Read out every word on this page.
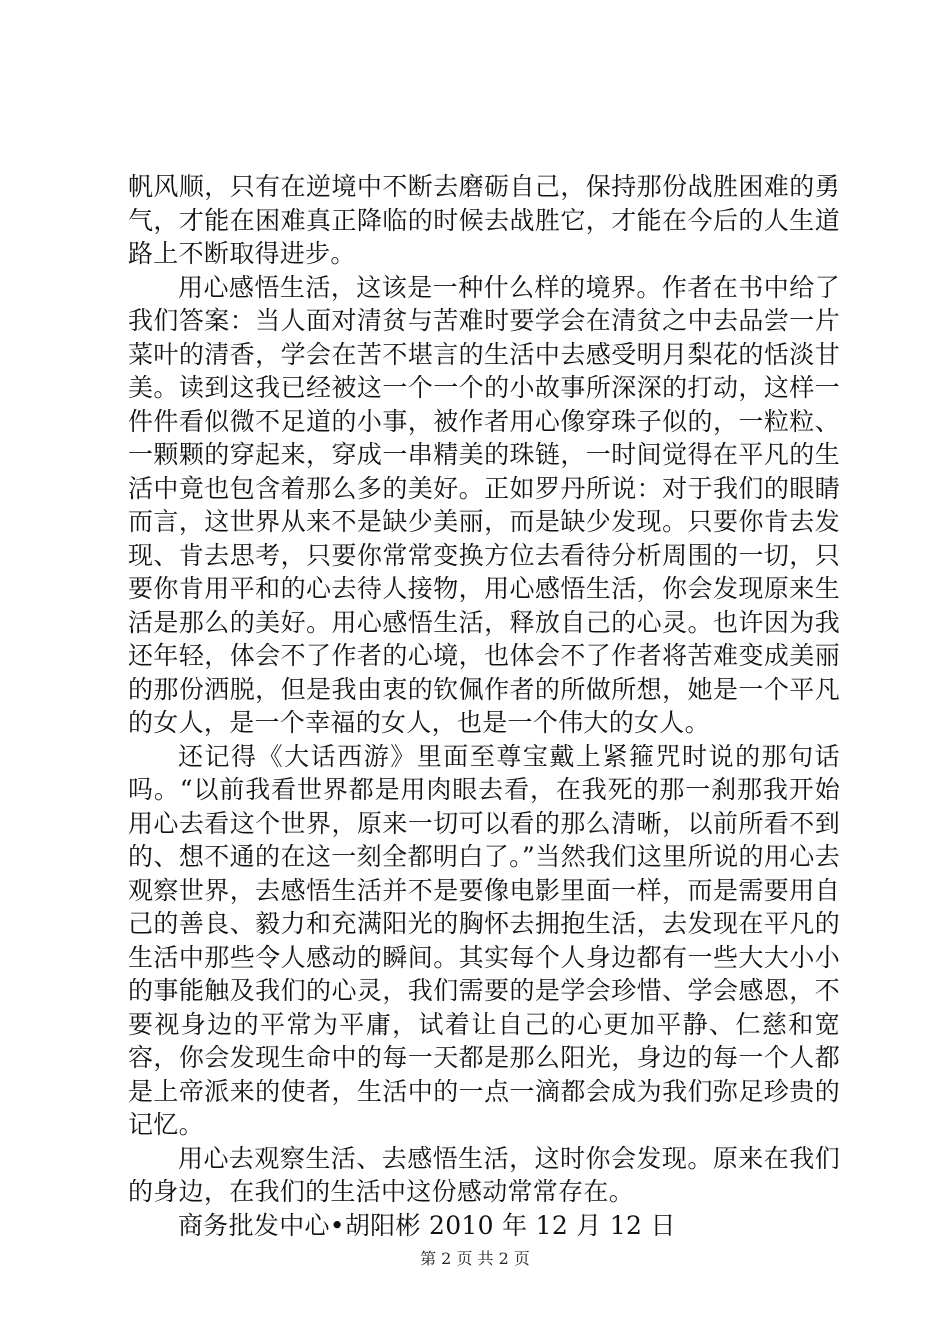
帆风顺，只有在逆境中不断去磨砺自己，保持那份战胜困难的勇气，才能在困难真正降临的时候去战胜它，才能在今后的人生道路上不断取得进步。

用心感悟生活，这该是一种什么样的境界。作者在书中给了我们答案：当人面对清贫与苦难时要学会在清贫之中去品尝一片菜叶的清香，学会在苦不堪言的生活中去感受明月梨花的恬淡甘美。读到这我已经被这一个一个的小故事所深深的打动，这样一件件看似微不足道的小事，被作者用心像穿珠子似的，一粒粒、一颗颗的穿起来，穿成一串精美的珠链，一时间觉得在平凡的生活中竟也包含着那么多的美好。正如罗丹所说：对于我们的眼睛而言，这世界从来不是缺少美丽，而是缺少发现。只要你肯去发现、肯去思考，只要你常常变换方位去看待分析周围的一切，只要你肯用平和的心去待人接物，用心感悟生活，你会发现原来生活是那么的美好。用心感悟生活，释放自己的心灵。也许因为我还年轻，体会不了作者的心境，也体会不了作者将苦难变成美丽的那份洒脱，但是我由衷的钦佩作者的所做所想，她是一个平凡的女人，是一个幸福的女人，也是一个伟大的女人。

还记得《大话西游》里面至尊宝戴上紧箍咒时说的那句话吗。“以前我看世界都是用肉眼去看，在我死的那一刹那我开始用心去看这个世界，原来一切可以看的那么清晰，以前所看不到的、想不通的在这一刻全都明白了。”当然我们这里所说的用心去观察世界，去感悟生活并不是要像电影里面一样，而是需要用自己的善良、毅力和充满阳光的胸怀去拥抱生活，去发现在平凡的生活中那些令人感动的瞬间。其实每个人身边都有一些大大小小的事能触及我们的心灵，我们需要的是学会珍惜、学会感恩，不要视身边的平常为平庸，试着让自己的心更加平静、仁慈和宽容，你会发现生命中的每一天都是那么阳光，身边的每一个人都是上帝派来的使者，生活中的一点一滴都会成为我们弥足珍贵的记忆。

用心去观察生活、去感悟生活，这时你会发现。原来在我们的身边，在我们的生活中这份感动常常存在。

商务批发中心•胡阳彬 2010 年 12 月 12 日

第 2 页 共 2 页
